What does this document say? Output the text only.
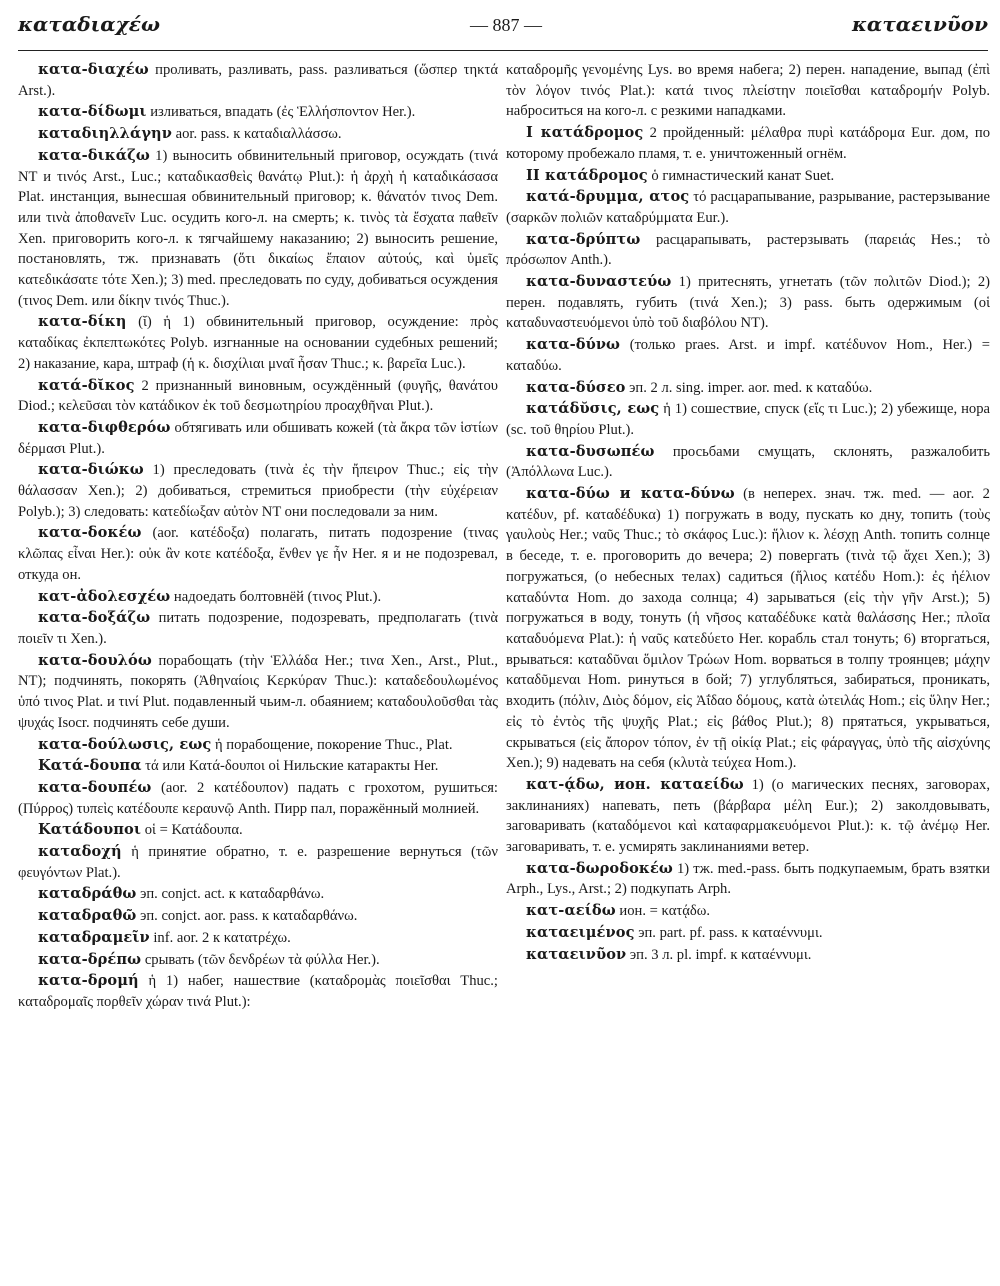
καταδιαχέω	— 887 —	καταεινῦον

κατα-διαχέω проливать, разливать, pass. разливаться (ὥσπερ τηκτά Arst.).

κατα-δίδωμι изливаться, впадать (ἐς Ἑλλήσποντον Her.).

καταδιηλλάγην aor. pass. к καταδιαλλάσσω.

κατα-δικάζω 1) выносить обвинительный приговор, осуждать (τινά NT и τινός Arst., Luc.; καταδικασθεὶς θανάτῳ Plut.): ἡ ἀρχὴ ἡ καταδικάσασα Plat. инстанция, вынесшая обвинительный приговор; κ. θάνατόν τινος Dem. или τινὰ ἀποθανεῖν Luc. осудить кого-л. на смерть; κ. τινὸς τὰ ἔσχατα παθεῖν Xen. приговорить кого-л. к тягчайшему наказанию; 2) выносить решение, постановлять, тж. признавать (ὅτι δικαίως ἔπαιον αὐτούς, καὶ ὑμεῖς κατεδικάσατε τότε Xen.); 3) med. преследовать по суду, добиваться осуждения (τινος Dem. или δίκην τινός Thuc.).

κατα-δίκη (ῐ) ἡ 1) обвинительный приговор, осуждение: πρὸς καταδίκας ἐκπεπτωκότες Polyb. изгнанные на основании судебных решений; 2) наказание, кара, штраф (ἡ κ. δισχίλιαι μναῖ ἦσαν Thuc.; κ. βαρεῖα Luc.).

κατά-δῐκος 2 признанный виновным, осуждённый (φυγῆς, θανάτου Diod.; κελεῦσαι τὸν κατάδικον ἐκ τοῦ δεσμωτηρίου προαχθῆναι Plut.).

κατα-διφθερόω обтягивать или обшивать кожей (τὰ ἄκρα τῶν ἱστίων δέρμασι Plut.).

κατα-διώκω 1) преследовать (τινὰ ἐς τὴν ἤπειρον Thuc.; εἰς τὴν θάλασσαν Xen.); 2) добиваться, стремиться приобрести (τὴν εὐχέρειαν Polyb.); 3) следовать: κατεδίωξαν αὐτὸν NT они последовали за ним.

κατα-δοκέω (aor. κατέδοξα) полагать, питать подозрение (τινας κλῶπας εἶναι Her.): οὐκ ἂν κοτε κατέδοξα, ἔνθεν γε ἦν Her. я и не подозревал, откуда он.

κατ-ἀδολεσχέω надоедать болтовнёй (τινος Plut.).

κατα-δοξάζω питать подозрение, подозревать, предполагать (τινὰ ποιεῖν τι Xen.).

κατα-δουλόω порабощать (τὴν Ἑλλάδα Her.; τινα Xen., Arst., Plut., NT); подчинять, покорять (Ἀθηναίοις Κερκύραν Thuc.): καταδεδουλωμένος ὑπό τινος Plat. и τινί Plut. подавленный чьим-л. обаянием; καταδουλοῦσθαι τὰς ψυχάς Isocr. подчинять себе души.

κατα-δούλωσις, εως ἡ порабощение, покорение Thuc., Plat.

Κατά-δουπα τά или Κατά-δουποι οἱ Нильские катаракты Her.

κατα-δουπέω (aor. 2 κατέδουπον) падать с грохотом, рушиться: (Πύρρος) τυπεὶς κατέδουπε κεραυνῷ Anth. Пирр пал, поражённый молнией.

Κατάδουποι οἱ = Κατάδουπα.

καταδοχή ἡ принятие обратно, т. е. разрешение вернуться (τῶν φευγόντων Plat.).

καταδράθω эп. conjct. act. к καταδαρθάνω.

καταδραθῶ эп. conjct. aor. pass. к καταδαρθάνω.

καταδραμεῖν inf. aor. 2 к κατατρέχω.

κατα-δρέπω срывать (τῶν δενδρέων τὰ φύλλα Her.).

κατα-δρομή ἡ 1) набег, нашествие (καταδρομὰς ποιεῖσθαι Thuc.; καταδρομαῖς πορθεῖν χώραν τινά Plut.):

καταδρομῆς γενομένης Lys. во время набега; 2) перен. нападение, выпад (ἐπὶ τὸν λόγον τινός Plat.): κατά τινος πλείστην ποιεῖσθαι καταδρομήν Polyb. наброситься на кого-л. с резкими нападками.

I κατάδρομος 2 пройденный: μέλαθρα πυρὶ κατάδρομα Eur. дом, по которому пробежало пламя, т. е. уничтоженный огнём.

II κατάδρομος ὁ гимнастический канат Suet.

κατά-δρυμμα, ατος τό расцарапывание, разрывание, растерзывание (σαρκῶν πολιῶν καταδρύμματα Eur.).

κατα-δρύπτω расцарапывать, растерзывать (παρειάς Hes.; τὸ πρόσωπον Anth.).

κατα-δυναστεύω 1) притеснять, угнетать (τῶν πολιτῶν Diod.); 2) перен. подавлять, губить (τινά Xen.); 3) pass. быть одержимым (οἱ καταδυναστευόμενοι ὑπὸ τοῦ διαβόλου NT).

κατα-δύνω (только praes. Arst. и impf. κατέδυνον Hom., Her.) = καταδύω.

κατα-δύσεο эп. 2 л. sing. imper. aor. med. к καταδύω.

κατάδῠσις, εως ἡ 1) сошествие, спуск (εἴς τι Luc.); 2) убежище, нора (sc. τοῦ θηρίου Plut.).

κατα-δυσωπέω просьбами смущать, склонять, разжалобить (Ἀπόλλωνα Luc.).

κατα-δύω и κατα-δύνω (в неперех. знач. тж. med. — aor. 2 κατέδυν, pf. καταδέδυκα) 1) погружать в воду, пускать ко дну, топить (τοὺς γαυλοὺς Her.; ναῦς Thuc.; τὸ σκάφος Luc.): ἥλιον κ. λέσχῃ Anth. топить солнце в беседе, т. е. проговорить до вечера; 2) повергать (τινὰ τῷ ἄχει Xen.); 3) погружаться, (о небесных телах) садиться (ἥλιος κατέδυ Hom.): ἐς ἠέλιον καταδύντα Hom. до захода солнца; 4) зарываться (εἰς τὴν γῆν Arst.); 5) погружаться в воду, тонуть (ἡ νῆσος καταδέδυκε κατὰ θαλάσσης Her.; πλοῖα καταδυόμενα Plat.): ἡ ναῦς κατεδύετο Her. корабль стал тонуть; 6) вторгаться, врываться: καταδῦναι ὅμιλον Τρώων Hom. ворваться в толпу троянцев; μάχην καταδῦμεναι Hom. ринуться в бой; 7) углубляться, забираться, проникать, входить (πόλιν, Διὸς δόμον, εἰς Ἀΐδαο δόμους, κατὰ ὠτειλάς Hom.; εἰς ὕλην Her.; εἰς τὸ ἐντὸς τῆς ψυχῆς Plat.; εἰς βάθος Plut.); 8) прятаться, укрываться, скрываться (εἰς ἄπορον τόπον, ἐν τῇ οἰκίᾳ Plat.; εἰς φάραγγας, ὑπὸ τῆς αἰσχύνης Xen.); 9) надевать на себя (κλυτὰ τεύχεα Hom.).

κατ-ᾴδω, ион. καταείδω 1) (о магических песнях, заговорах, заклинаниях) напевать, петь (βάρβαρα μέλη Eur.); 2) заколдовывать, заговаривать (καταδόμενοι καὶ καταφαρμακευόμενοι Plut.): κ. τῷ ἀνέμῳ Her. заговаривать, т. е. усмирять заклинаниями ветер.

κατα-δωροδοκέω 1) тж. med.-pass. быть подкупаемым, брать взятки Arph., Lys., Arst.; 2) подкупать Arph.

κατ-αείδω ион. = κατᾴδω.

καταειμένος эп. part. pf. pass. к καταέννυμι.

καταεινῦον эп. 3 л. pl. impf. к καταέννυμι.
